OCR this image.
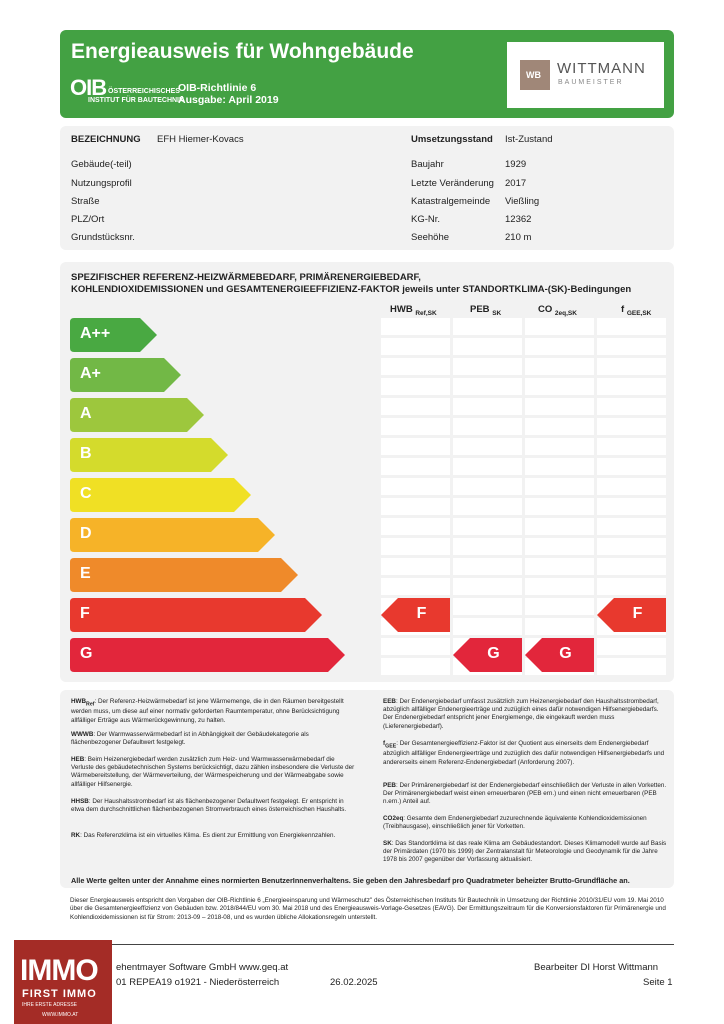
Energieausweis für Wohngebäude
OIB ÖSTERREICHISCHES
INSTITUT FÜR BAUTECHNIK
OIB-Richtlinie 6
Ausgabe: April 2019
WB WITTMANN
BAUMEISTER
BEZEICHNUNG EFH Hiemer-Kovacs
Gebäude(-teil)
Nutzungsprofil
Straße
PLZ/Ort
Grundstücksnr.
Umsetzungsstand Ist-Zustand
Baujahr	1929
Letzte Veränderung 2017
Katastralgemeinde Vießling
KG-Nr.	12362
Seehöhe	210 m
SPEZIFISCHER REFERENZ-HEIZWÄRMEBEDARF, PRIMÄRENERGIEBEDARF,
KOHLENDIOXIDEMISSIONEN und GESAMTENERGIEEFFIZIENZ-FAKTOR jeweils unter STANDORTKLIMA-(SK)-Bedingungen
HWB $_{Ref,SK}$	PEB $_{SK}$	CO $_{2eq,SK}$	f $_{GEE,SK}$
A++
A+
A
B
C
D
E
F
G
F
G	G
F
$HWB_{Ref}$: Der Referenz-Heizwärmebedarf ist jene Wärmemenge, die in den Räumen bereitgestellt werden muss, um diese auf einer normativ geforderten Raumtemperatur, ohne Berücksichtigung allfälliger Erträge aus Wärmerückgewinnung, zu halten.
WWWB: Der Warmwasserwärmebedarf ist in Abhängigkeit der Gebäudekategorie als flächenbezogener Defaultwert festgelegt.
HEB: Beim Heizenergiebedarf werden zusätzlich zum Heiz- und Warmwasserwärmebedarf die Verluste des gebäudetechnischen Systems berücksichtigt, dazu zählen insbesondere die Verluste der Wärmebereitstellung, der Wärmeverteilung, der Wärmespeicherung und der Wärmeabgabe sowie allfälliger Hilfsenergie.
HHSB: Der Haushaltsstrombedarf ist als flächenbezogener Defaultwert festgelegt. Er entspricht in etwa dem durchschnittlichen flächenbezogenen Stromverbrauch eines österreichischen Haushalts.
RK: Das Referenzklima ist ein virtuelles Klima. Es dient zur Ermittlung von Energiekennzahlen.
EEB: Der Endenergiebedarf umfasst zusätzlich zum Heizenergiebedarf den Haushaltsstrombedarf, abzüglich allfälliger Endenergieerträge und zuzüglich eines dafür notwendigen Hilfsenergiebedarfs. Der Endenergiebedarf entspricht jener Energiemenge, die eingekauft werden muss (Lieferenergiebedarf).
$f_{GEE}$: Der Gesamtenergieeffizienz-Faktor ist der Quotient aus einerseits dem Endenergiebedarf abzüglich allfälliger Endenergieerträge und zuzüglich des dafür notwendigen Hilfsenergiebedarfs und andererseits einem Referenz-Endenergiebedarf (Anforderung 2007).
PEB: Der Primärenergiebedarf ist der Endenergiebedarf einschließlich der Verluste in allen Vorketten. Der Primärenergiebedarf weist einen erneuerbaren (PEB ern.) und einen nicht erneuerbaren (PEB n.ern.) Anteil auf.
CO2eq: Gesamte dem Endenergiebedarf zuzurechnende äquivalente Kohlendioxidemissionen (Treibhausgase), einschließlich jener für Vorketten.
SK: Das Standortklima ist das reale Klima am Gebäudestandort. Dieses Klimamodell wurde auf Basis der Primärdaten (1970 bis 1999) der Zentralanstalt für Meteorologie und Geodynamik für die Jahre 1978 bis 2007 gegenüber der Vorfassung aktualisiert.
Alle Werte gelten unter der Annahme eines normierten BenutzerInnenverhaltens. Sie geben den Jahresbedarf pro Quadratmeter beheizter Brutto-Grundfläche an.
Dieser Energieausweis entspricht den Vorgaben der OIB-Richtlinie 6 „Energieeinsparung und Wärmeschutz" des Österreichischen Instituts für Bautechnik in Umsetzung der Richtlinie 2010/31/EU vom 19. Mai 2010 über die Gesamtenergieeffizienz von Gebäuden bzw. 2018/844/EU vom 30. Mai 2018 und des Energieausweis-Vorlage-Gesetzes (EAVG). Der Ermittlungszeitraum für die Konversionsfaktoren für Primärenergie und Kohlendioxidemissionen ist für Strom: 2013-09 – 2018-08, und es wurden übliche Allokationsregeln unterstellt.
ehentmayer Software GmbH www.geq.at
01 REPEA19 o1921 - Niederösterreich	26.02.2025
Bearbeiter DI Horst Wittmann
Seite 1
IMMO
FIRST IMMO
IHRE ERSTE ADRESSE
WWW.IMMO.AT
